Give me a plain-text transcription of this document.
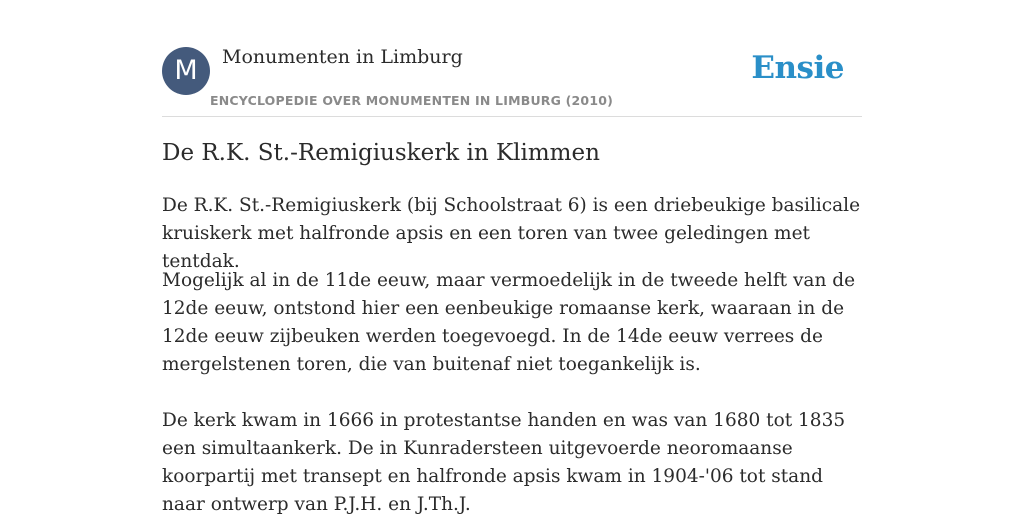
M	Monumenten in Limburg
ENCYCLOPEDIE OVER MONUMENTEN IN LIMBURG (2010)
Ensie
De R.K. St.-Remigiuskerk in Klimmen

De R.K. St.-Remigiuskerk (bij Schoolstraat 6) is een driebeukige basilicale kruiskerk met halfronde apsis en een toren van twee geledingen met tentdak.

Mogelijk al in de 11de eeuw, maar vermoedelijk in de tweede helft van de 12de eeuw, ontstond hier een eenbeukige romaanse kerk, waaraan in de 12de eeuw zijbeuken werden toegevoegd. In de 14de eeuw verrees de mergelstenen toren, die van buitenaf niet toegankelijk is.

De kerk kwam in 1666 in protestantse handen en was van 1680 tot 1835 een simultaankerk. De in Kunradersteen uitgevoerde neoromaanse koorpartij met transept en halfronde apsis kwam in 1904-'06 tot stand naar ontwerp van P.J.H. en J.Th.J.
